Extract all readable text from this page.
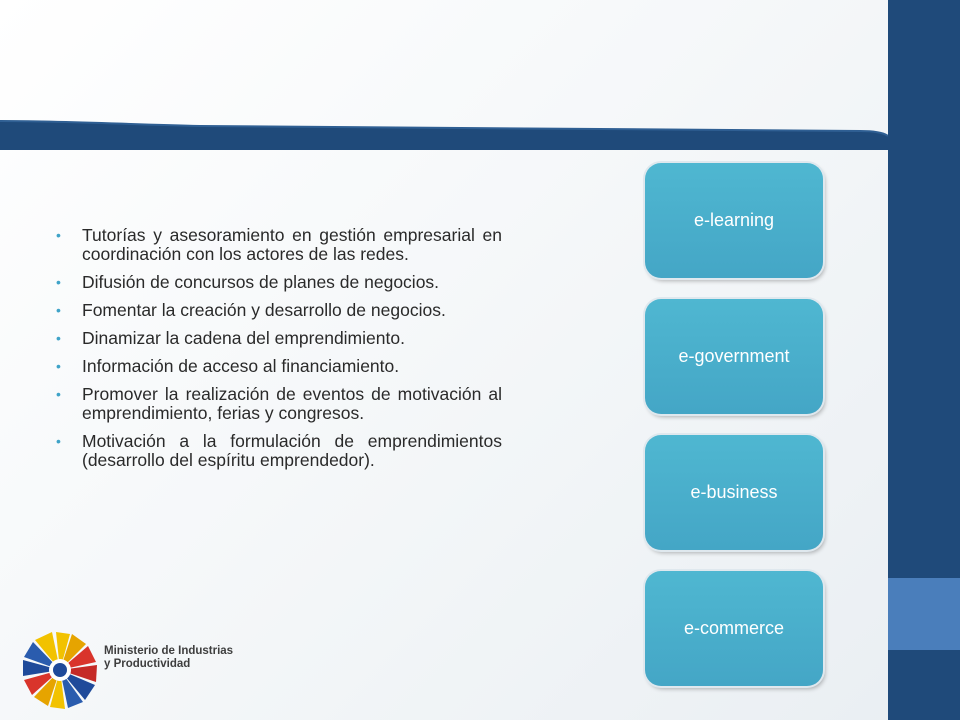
• Tutorías y asesoramiento en gestión empresarial en coordinación con los actores de las redes.
• Difusión de concursos de planes de negocios.
• Fomentar la creación y desarrollo de negocios.
• Dinamizar la cadena del emprendimiento.
• Información de acceso al financiamiento.
• Promover la realización de eventos de motivación al emprendimiento, ferias y congresos.
• Motivación a la formulación de emprendimientos (desarrollo del espíritu emprendedor).
e-learning
e-government
e-business
e-commerce
Ministerio de Industrias
y Productividad
